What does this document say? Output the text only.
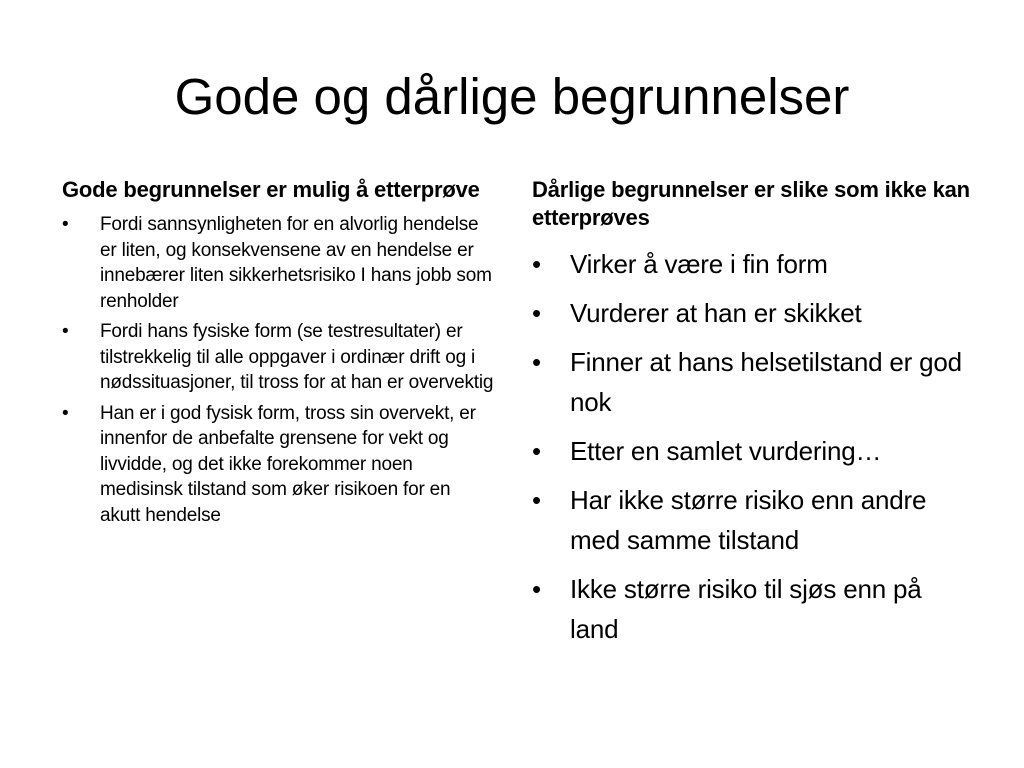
Gode og dårlige begrunnelser
Gode begrunnelser er mulig å etterprøve
• Fordi sannsynligheten for en alvorlig hendelse er liten, og konsekvensene av en hendelse er innebærer liten sikkerhetsrisiko I hans jobb som renholder
• Fordi hans fysiske form (se testresultater) er tilstrekkelig til alle oppgaver i ordinær drift og i nødssituasjoner, til tross for at han er overvektig
• Han er i god fysisk form, tross sin overvekt, er innenfor de anbefalte grensene for vekt og livvidde, og det ikke forekommer noen medisinsk tilstand som øker risikoen for en akutt hendelse
Dårlige begrunnelser er slike som ikke kan etterprøves
• Virker å være i fin form
• Vurderer at han er skikket
• Finner at hans helsetilstand er god nok
• Etter en samlet vurdering…
• Har ikke større risiko enn andre med samme tilstand
• Ikke større risiko til sjøs enn på land
